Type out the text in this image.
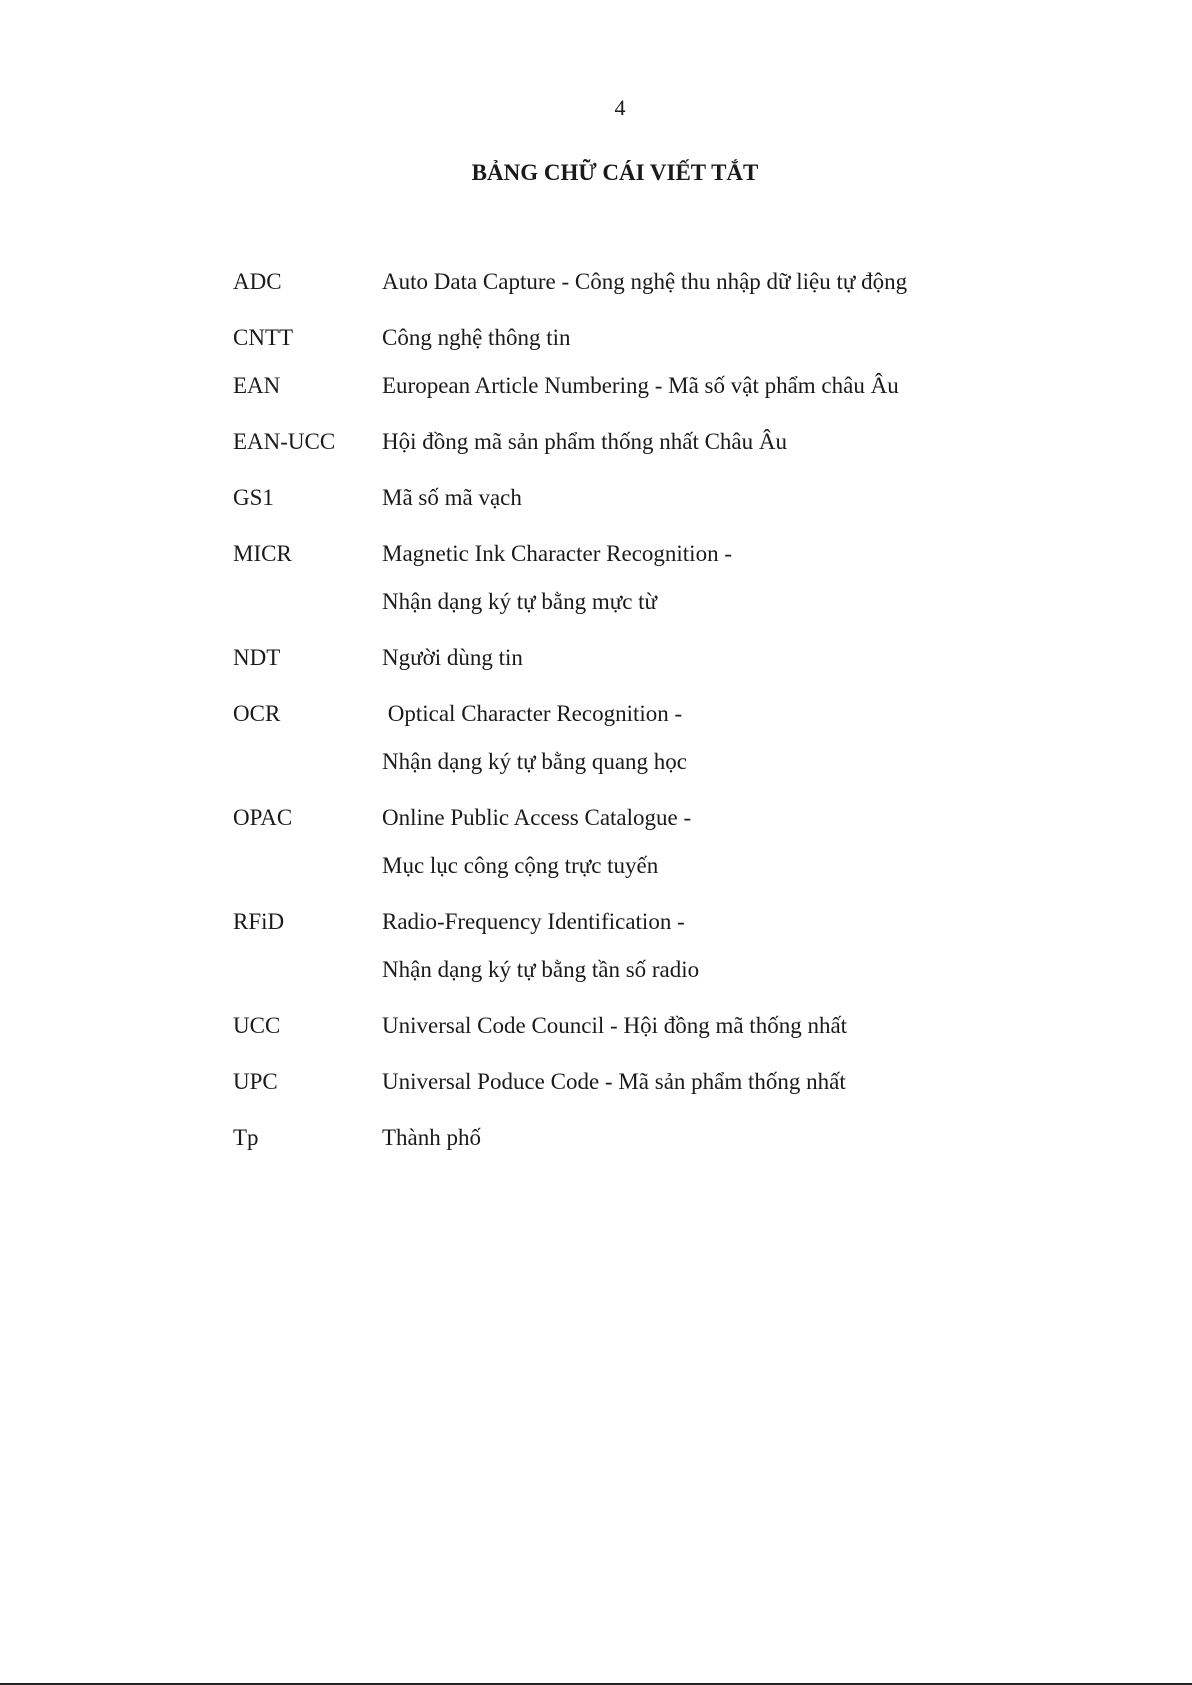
4
BẢNG CHỮ CÁI VIẾT TẮT
ADC	Auto Data Capture - Công nghệ thu nhập dữ liệu tự động
CNTT	Công nghệ thông tin
EAN	European Article Numbering - Mã số vật phẩm châu Âu
EAN-UCC	Hội đồng mã sản phẩm thống nhất Châu Âu
GS1	Mã số mã vạch
MICR	Magnetic Ink Character Recognition -
Nhận dạng ký tự bằng mực từ
NDT	Người dùng tin
OCR	Optical Character Recognition -
Nhận dạng ký tự bằng quang học
OPAC	Online Public Access Catalogue -
Mục lục công cộng trực tuyến
RFiD	Radio-Frequency Identification -
Nhận dạng ký tự bằng tần số radio
UCC	Universal Code Council - Hội đồng mã thống nhất
UPC	Universal Poduce Code - Mã sản phẩm thống nhất
Tp	Thành phố
